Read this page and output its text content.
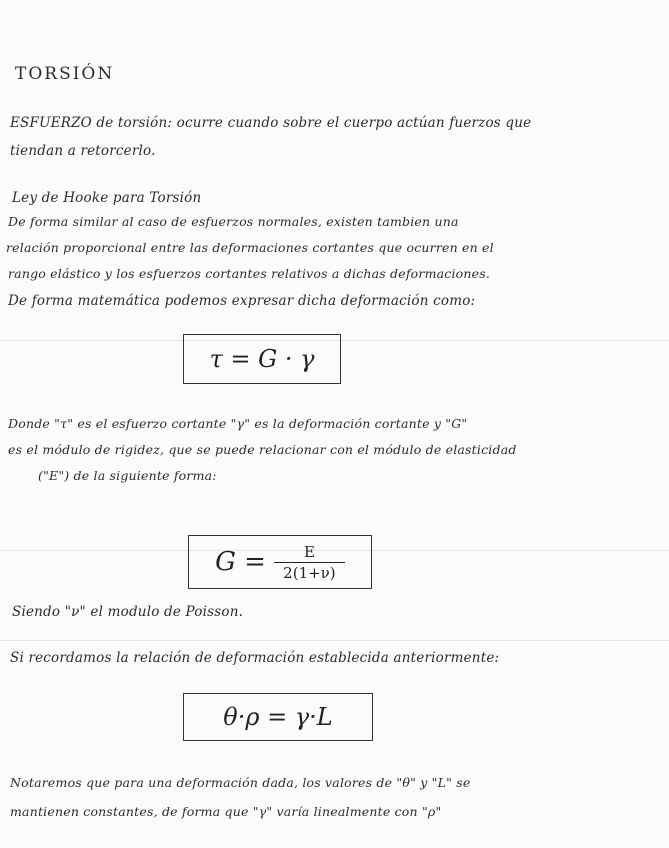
TORSIÓN
ESFUERZO de torsión: ocurre cuando sobre el cuerpo actúan fuerzos que
tiendan a retorcerlo.
Ley de Hooke para Torsión
De forma similar al caso de esfuerzos normales, existen tambien una
relación proporcional entre las deformaciones cortantes que ocurren en el
rango elástico y los esfuerzos cortantes relativos a dichas deformaciones.
De forma matemática podemos expresar dicha deformación como:
τ = G · γ
Donde "τ" es el esfuerzo cortante "γ" es la deformación cortante y "G"
es el módulo de rigidez, que se puede relacionar con el módulo de elasticidad
("E") de la siguiente forma:
$G = \frac{E}{2(1+\nu)}$
Siendo "ν" el modulo de Poisson.
Si recordamos la relación de deformación establecida anteriormente:
θ·ρ = γ·L
Notaremos que para una deformación dada, los valores de "θ" y "L" se
mantienen constantes, de forma que "γ" varía linealmente con "ρ"
